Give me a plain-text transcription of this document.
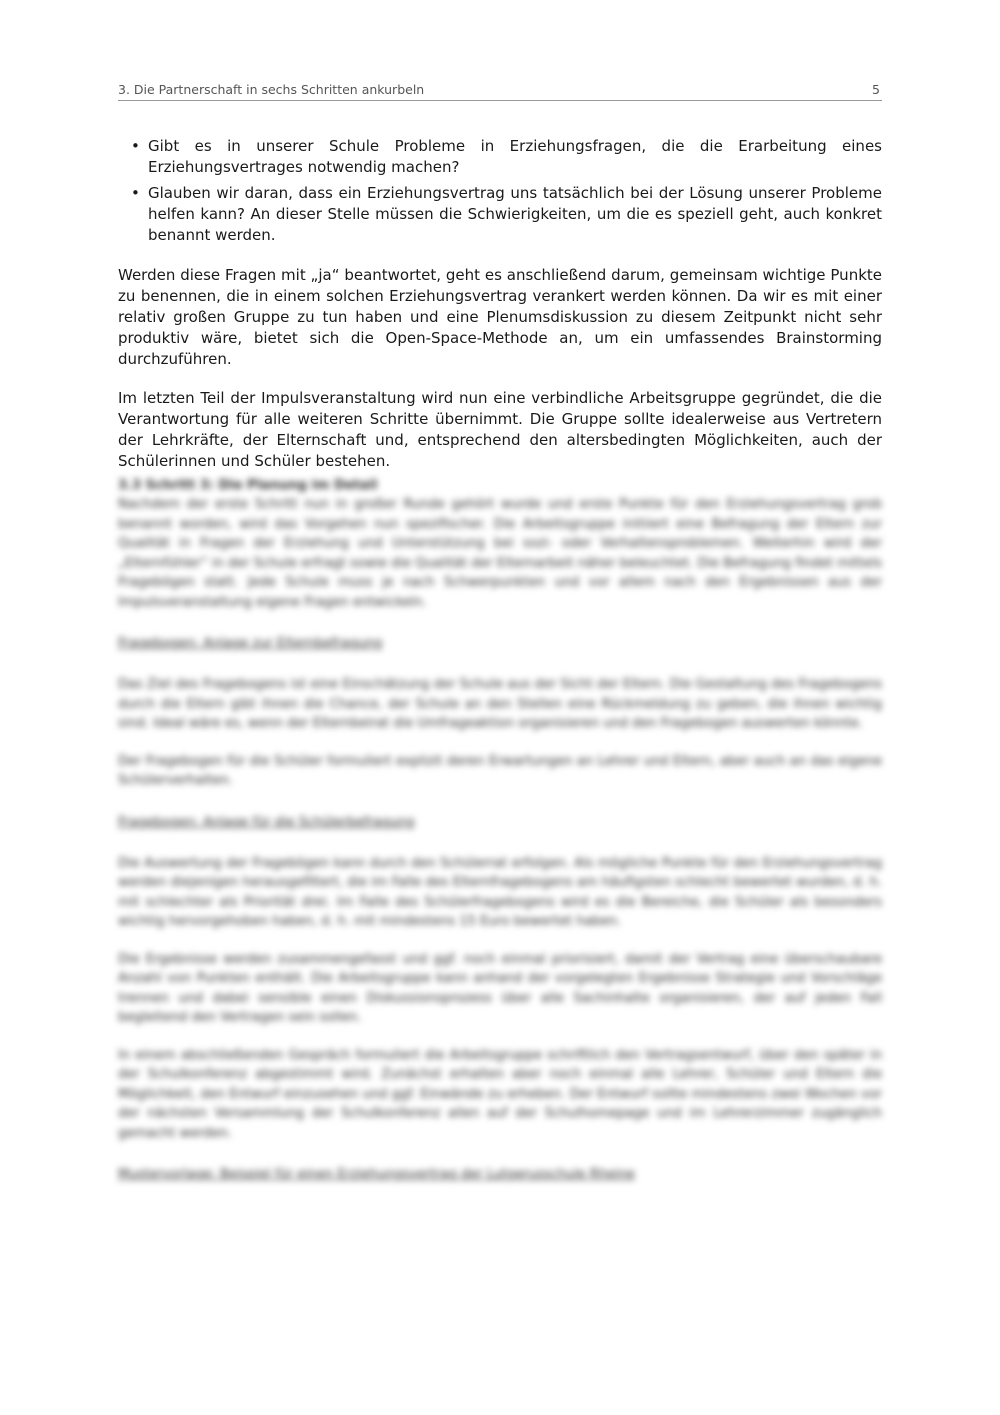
3. Die Partnerschaft in sechs Schritten ankurbeln	5
• Gibt es in unserer Schule Probleme in Erziehungsfragen, die die Erarbeitung eines Erziehungsvertrages notwendig machen?
• Glauben wir daran, dass ein Erziehungsvertrag uns tatsächlich bei der Lösung unserer Probleme helfen kann? An dieser Stelle müssen die Schwierigkeiten, um die es speziell geht, auch konkret benannt werden.

Werden diese Fragen mit „ja“ beantwortet, geht es anschließend darum, gemeinsam wichtige Punkte zu benennen, die in einem solchen Erziehungsvertrag verankert werden können. Da wir es mit einer relativ großen Gruppe zu tun haben und eine Plenumsdiskussion zu diesem Zeitpunkt nicht sehr produktiv wäre, bietet sich die Open-Space-Methode an, um ein umfassendes Brainstorming durchzuführen.

Im letzten Teil der Impulsveranstaltung wird nun eine verbindliche Arbeitsgruppe gegründet, die die Verantwortung für alle weiteren Schritte übernimmt. Die Gruppe sollte idealerweise aus Vertretern der Lehrkräfte, der Elternschaft und, entsprechend den altersbedingten Möglichkeiten, auch der Schülerinnen und Schüler bestehen.

3.3 Schritt 3: Die Planung im Detail

Nachdem der erste Schritt nun in großer Runde gehört wurde und erste Punkte für den Erziehungsvertrag grob benannt worden, wird das Vorgehen nun spezifischer. Die Arbeitsgruppe initiiert eine Befragung der Eltern zur Qualität in Fragen der Erziehung und Unterstützung bei sozi- oder Verhaltensproblemen. Weiterhin wird der „Elternfühler“ in der Schule erfragt sowie die Qualität der Elternarbeit näher beleuchtet. Die Befragung findet mittels Fragebögen statt. Jede Schule muss je nach Schwerpunkten und vor allem nach den Ergebnissen aus der Impulsveranstaltung eigene Fragen entwickeln.

Fragebogen: Anlage zur Elternbefragung

Das Ziel des Fragebogens ist eine Einschätzung der Schule aus der Sicht der Eltern. Die Gestaltung des Fragebogens durch die Eltern gibt ihnen die Chance, der Schule an den Stellen eine Rückmeldung zu geben, die ihnen wichtig sind. Ideal wäre es, wenn der Elternbeirat die Umfrageaktion organisieren und den Fragebogen auswerten könnte.

Der Fragebogen für die Schüler formuliert explizit deren Erwartungen an Lehrer und Eltern, aber auch an das eigene Schülerverhalten.

Fragebogen: Anlage für die Schülerbefragung

Die Auswertung der Fragebögen kann durch den Schülerrat erfolgen. Als mögliche Punkte für den Erziehungsvertrag werden diejenigen herausgefiltert, die im Falle des Elternfragebogens am häufigsten schlecht bewertet wurden, d. h. mit schlechter als Priorität drei. Im Falle des Schülerfragebogens wird es die Bereiche, die Schüler als besonders wichtig hervorgehoben haben, d. h. mit mindestens 15 Euro bewertet haben.

Die Ergebnisse werden zusammengefasst und ggf. noch einmal priorisiert, damit der Vertrag eine überschaubare Anzahl von Punkten enthält. Die Arbeitsgruppe kann anhand der vorgelegten Ergebnisse Strategie und Vorschläge trennen und dabei sensible einen Diskussionsprozess über alle Sachinhalte organisieren, der auf jeden Fall begleitend den Vertragen sein sollen.

In einem abschließenden Gespräch formuliert die Arbeitsgruppe schriftlich den Vertragsentwurf, über den später in der Schulkonferenz abgestimmt wird. Zunächst erhalten aber noch einmal alle Lehrer, Schüler und Eltern die Möglichkeit, den Entwurf einzusehen und ggf. Einwände zu erheben. Der Entwurf sollte mindestens zwei Wochen vor der nächsten Versammlung der Schulkonferenz allen auf der Schulhomepage und im Lehrerzimmer zugänglich gemacht werden.

Mustervorlage: Beispiel für einen Erziehungsvertrag der Lutgerusschule Rheine
